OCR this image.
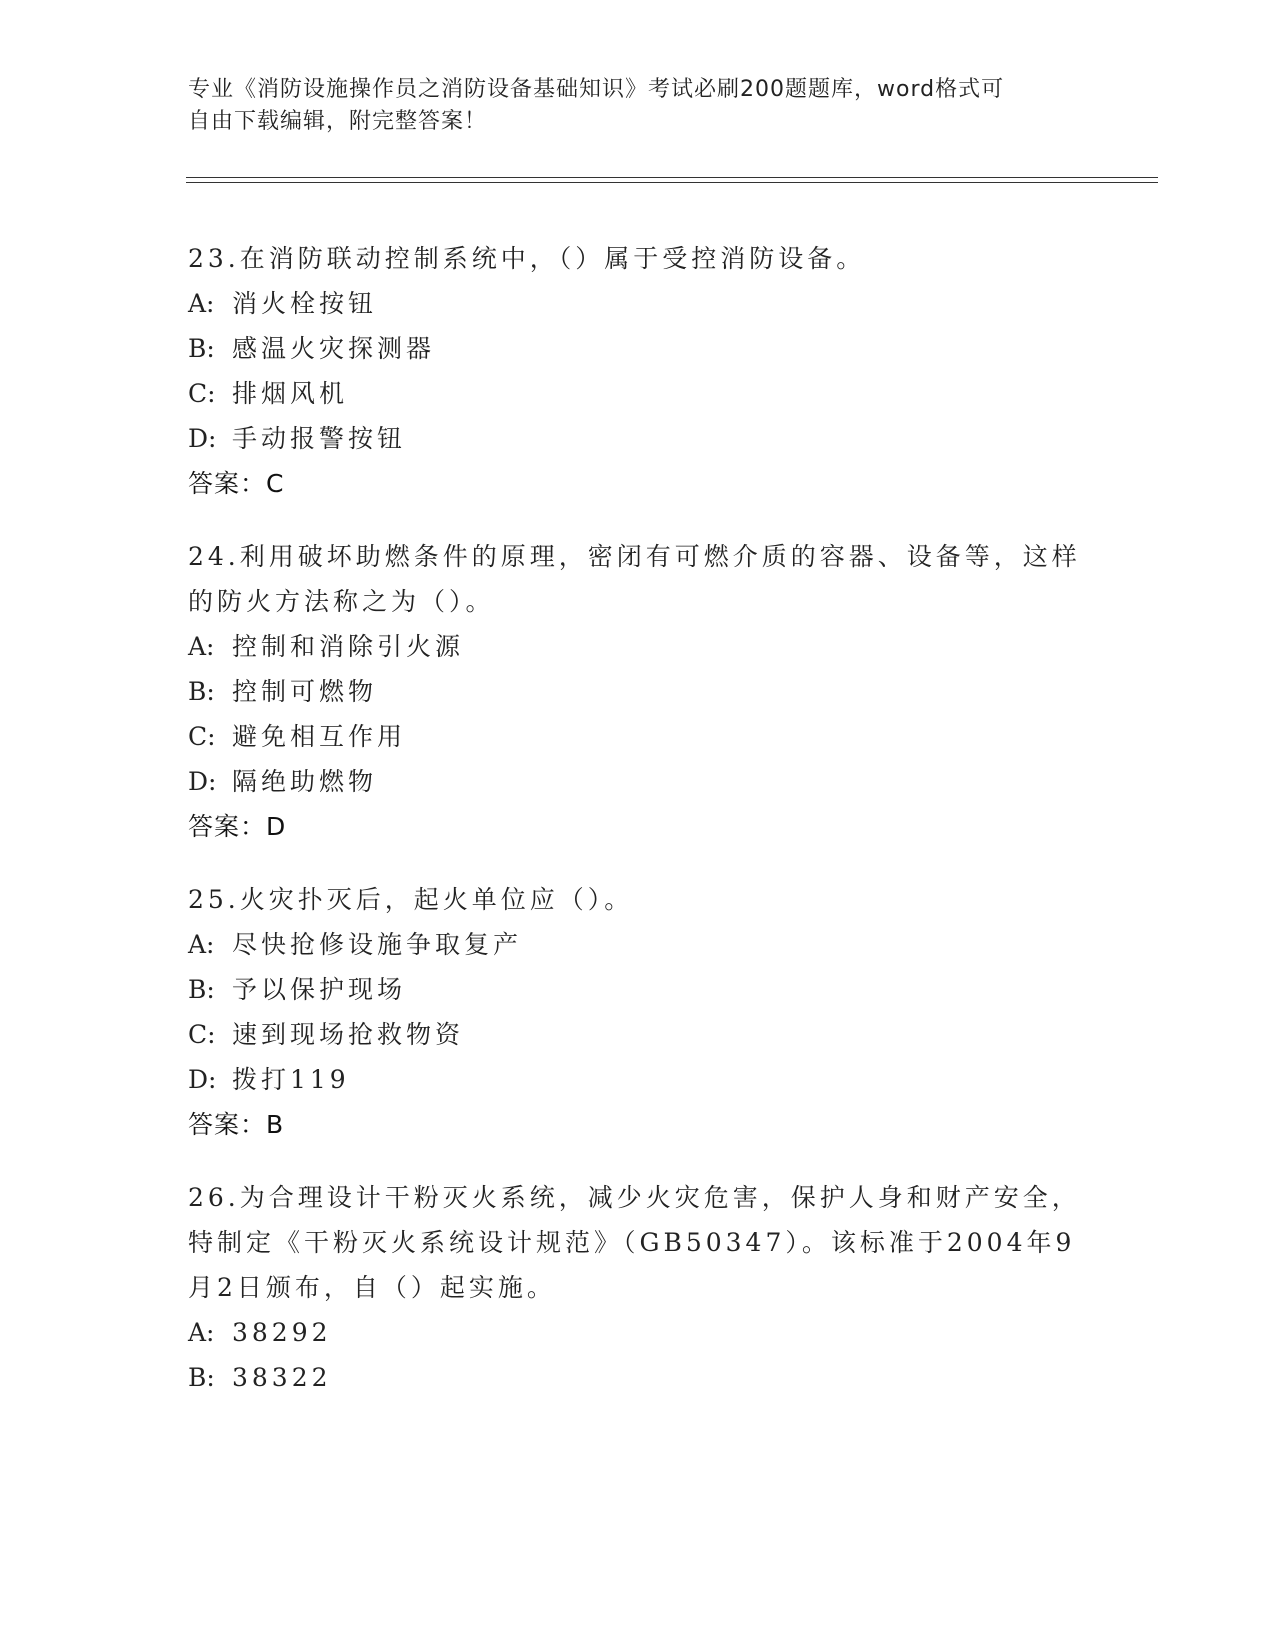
专业《消防设施操作员之消防设备基础知识》考试必刷200题题库，word格式可
自由下载编辑，附完整答案！
23.在消防联动控制系统中，（）属于受控消防设备。
A: 消火栓按钮
B: 感温火灾探测器
C: 排烟风机
D: 手动报警按钮
答案：C
24.利用破坏助燃条件的原理，密闭有可燃介质的容器、设备等，这样的防火方法称之为（）。
A: 控制和消除引火源
B: 控制可燃物
C: 避免相互作用
D: 隔绝助燃物
答案：D
25.火灾扑灭后，起火单位应（）。
A: 尽快抢修设施争取复产
B: 予以保护现场
C: 速到现场抢救物资
D: 拨打119
答案：B
26.为合理设计干粉灭火系统，减少火灾危害，保护人身和财产安全，特制定《干粉灭火系统设计规范》（GB50347）。该标准于2004年9月2日颁布，自（）起实施。
A: 38292
B: 38322
